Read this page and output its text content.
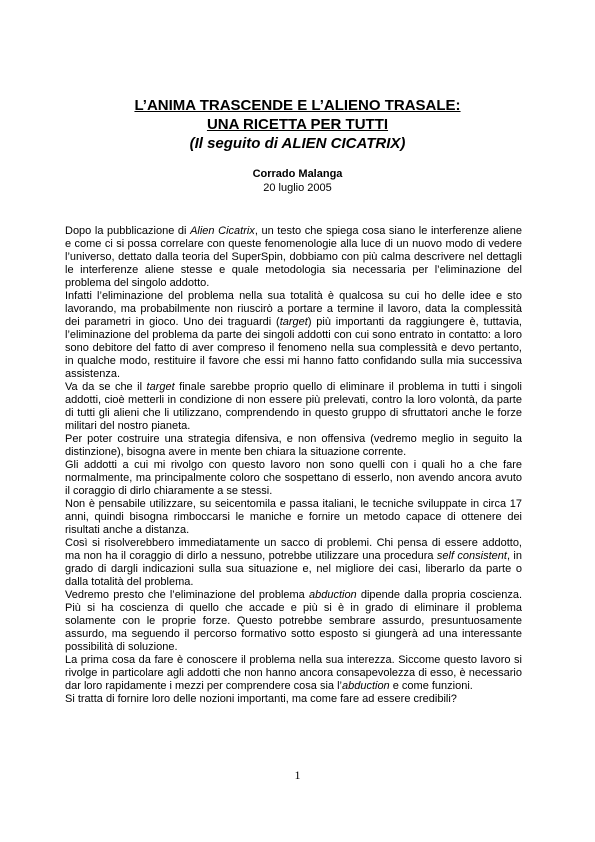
L’ANIMA TRASCENDE E L’ALIENO TRASALE:
UNA RICETTA PER TUTTI
(Il seguito di ALIEN CICATRIX)
Corrado Malanga
20 luglio 2005

Dopo la pubblicazione di Alien Cicatrix, un testo che spiega cosa siano le interferenze aliene e come ci si possa correlare con queste fenomenologie alla luce di un nuovo modo di vedere l’universo, dettato dalla teoria del SuperSpin, dobbiamo con più calma descrivere nel dettagli le interferenze aliene stesse e quale metodologia sia necessaria per l’eliminazione del problema del singolo addotto.

Infatti l’eliminazione del problema nella sua totalità è qualcosa su cui ho delle idee e sto lavorando, ma probabilmente non riuscirò a portare a termine il lavoro, data la complessità dei parametri in gioco. Uno dei traguardi (target) più importanti da raggiungere è, tuttavia, l’eliminazione del problema da parte dei singoli addotti con cui sono entrato in contatto: a loro sono debitore del fatto di aver compreso il fenomeno nella sua complessità e devo pertanto, in qualche modo, restituire il favore che essi mi hanno fatto confidando sulla mia successiva assistenza.

Va da se che il target finale sarebbe proprio quello di eliminare il problema in tutti i singoli addotti, cioè metterli in condizione di non essere più prelevati, contro la loro volontà, da parte di tutti gli alieni che li utilizzano, comprendendo in questo gruppo di sfruttatori anche le forze militari del nostro pianeta.

Per poter costruire una strategia difensiva, e non offensiva (vedremo meglio in seguito la distinzione), bisogna avere in mente ben chiara la situazione corrente.

Gli addotti a cui mi rivolgo con questo lavoro non sono quelli con i quali ho a che fare normalmente, ma principalmente coloro che sospettano di esserlo, non avendo ancora avuto il coraggio di dirlo chiaramente a se stessi.

Non è pensabile utilizzare, su seicentomila e passa italiani, le tecniche sviluppate in circa 17 anni, quindi bisogna rimboccarsi le maniche e fornire un metodo capace di ottenere dei risultati anche a distanza.

Così si risolverebbero immediatamente un sacco di problemi. Chi pensa di essere addotto, ma non ha il coraggio di dirlo a nessuno, potrebbe utilizzare una procedura self consistent, in grado di dargli indicazioni sulla sua situazione e, nel migliore dei casi, liberarlo da parte o dalla totalità del problema.

Vedremo presto che l’eliminazione del problema abduction dipende dalla propria coscienza. Più si ha coscienza di quello che accade e più si è in grado di eliminare il problema solamente con le proprie forze. Questo potrebbe sembrare assurdo, presuntuosamente assurdo, ma seguendo il percorso formativo sotto esposto si giungerà ad una interessante possibilità di soluzione.

La prima cosa da fare è conoscere il problema nella sua interezza. Siccome questo lavoro si rivolge in particolare agli addotti che non hanno ancora consapevolezza di esso, è necessario dar loro rapidamente i mezzi per comprendere cosa sia l’abduction e come funzioni.

Si tratta di fornire loro delle nozioni importanti, ma come fare ad essere credibili?

1
